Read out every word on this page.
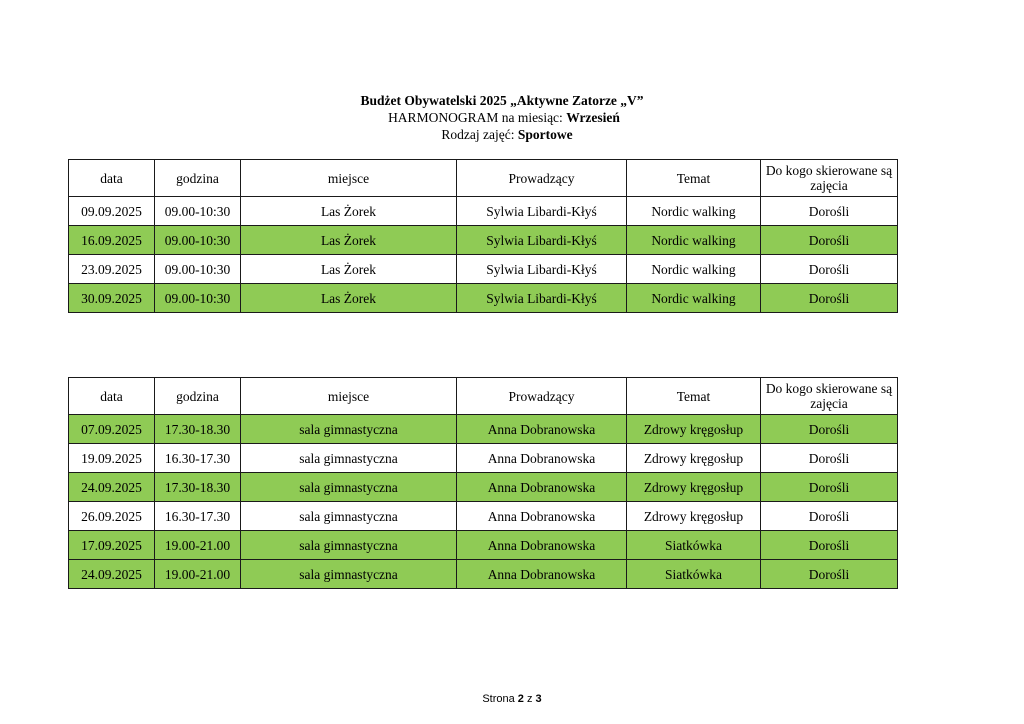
Budżet Obywatelski 2025 „Aktywne Zatorze „V”
HARMONOGRAM na miesiąc: Wrzesień
Rodzaj zajęć: Sportowe
data	godzina	miejsce	Prowadzący	Temat	Do kogo skierowane są zajęcia
09.09.2025	09.00-10:30	Las Żorek	Sylwia Libardi-Kłyś	Nordic walking	Dorośli
16.09.2025	09.00-10:30	Las Żorek	Sylwia Libardi-Kłyś	Nordic walking	Dorośli
23.09.2025	09.00-10:30	Las Żorek	Sylwia Libardi-Kłyś	Nordic walking	Dorośli
30.09.2025	09.00-10:30	Las Żorek	Sylwia Libardi-Kłyś	Nordic walking	Dorośli
data	godzina	miejsce	Prowadzący	Temat	Do kogo skierowane są zajęcia
07.09.2025	17.30-18.30	sala gimnastyczna	Anna Dobranowska	Zdrowy kręgosłup	Dorośli
19.09.2025	16.30-17.30	sala gimnastyczna	Anna Dobranowska	Zdrowy kręgosłup	Dorośli
24.09.2025	17.30-18.30	sala gimnastyczna	Anna Dobranowska	Zdrowy kręgosłup	Dorośli
26.09.2025	16.30-17.30	sala gimnastyczna	Anna Dobranowska	Zdrowy kręgosłup	Dorośli
17.09.2025	19.00-21.00	sala gimnastyczna	Anna Dobranowska	Siatkówka	Dorośli
24.09.2025	19.00-21.00	sala gimnastyczna	Anna Dobranowska	Siatkówka	Dorośli
Strona 2 z 3
